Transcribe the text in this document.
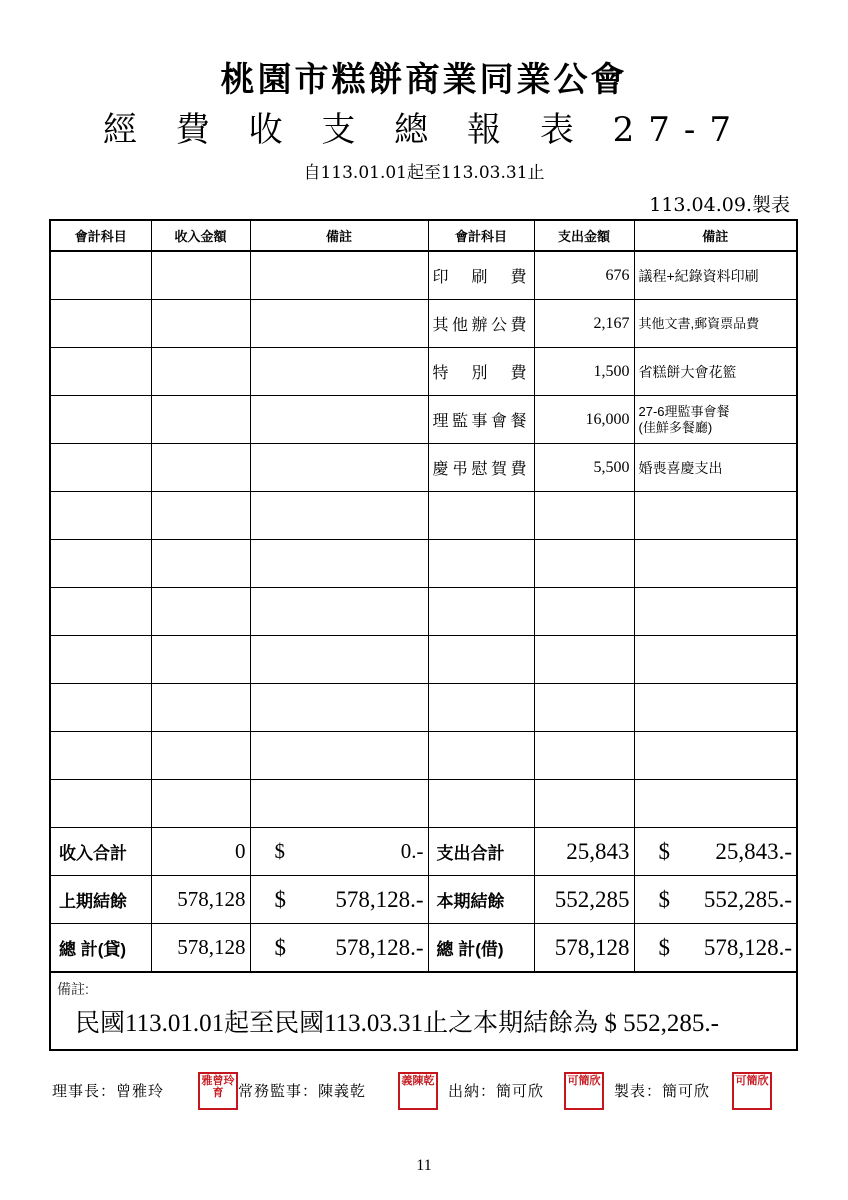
桃園市糕餅商業同業公會
經 費 收 支 總 報 表 27-7
自113.01.01起至113.03.31止
113.04.09.製表
會計科目	收入金額	備註	會計科目	支出金額	備註
			印刷費	676	議程+紀錄資料印刷
			其他辦公費	2,167	其他文書,郵資票品費
			特別費	1,500	省糕餅大會花籃
			理監事會餐	16,000	27-6理監事會餐
(佳鮮多餐廳)

			慶弔慰賀費	5,500	婚喪喜慶支出

收入合計	0	$ 0.-	支出合計	25,843	$ 25,843.-

上期結餘	578,128	$ 578,128.-	本期結餘	552,285	$ 552,285.-

總 計(貸)	578,128	$ 578,128.-	總 計(借)	578,128	$ 578,128.-

備註:
民國113.01.01起至民國113.03.31止之本期結餘為 $ 552,285.-					
理事長：曾雅玲
雅曾玲育 常務監事：陳義乾
義陳乾
出納：簡可欣
可簡欣
製表：簡可欣
可簡欣
11
